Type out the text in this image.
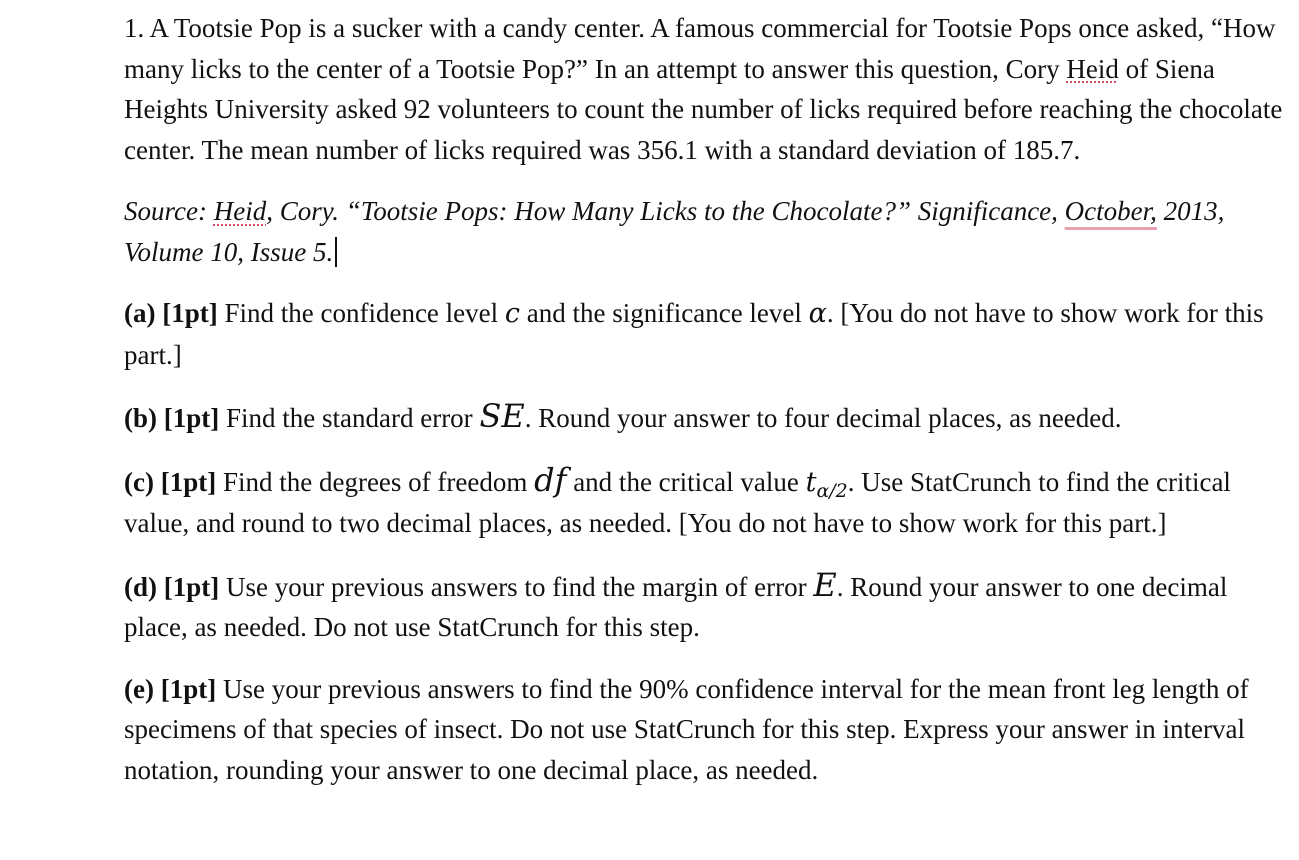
1. A Tootsie Pop is a sucker with a candy center. A famous commercial for Tootsie Pops once asked, “How many licks to the center of a Tootsie Pop?” In an attempt to answer this question, Cory Heid of Siena Heights University asked 92 volunteers to count the number of licks required before reaching the chocolate center. The mean number of licks required was 356.1 with a standard deviation of 185.7.

Source: Heid, Cory. “Tootsie Pops: How Many Licks to the Chocolate?” Significance, October, 2013, Volume 10, Issue 5.

(a) [1pt] Find the confidence level c and the significance level α. [You do not have to show work for this part.]

(b) [1pt] Find the standard error SE. Round your answer to four decimal places, as needed.

(c) [1pt] Find the degrees of freedom df and the critical value $t_{\alpha/2}$. Use StatCrunch to find the critical value, and round to two decimal places, as needed. [You do not have to show work for this part.]

(d) [1pt] Use your previous answers to find the margin of error E. Round your answer to one decimal place, as needed. Do not use StatCrunch for this step.

(e) [1pt] Use your previous answers to find the 90% confidence interval for the mean front leg length of specimens of that species of insect. Do not use StatCrunch for this step. Express your answer in interval notation, rounding your answer to one decimal place, as needed.
